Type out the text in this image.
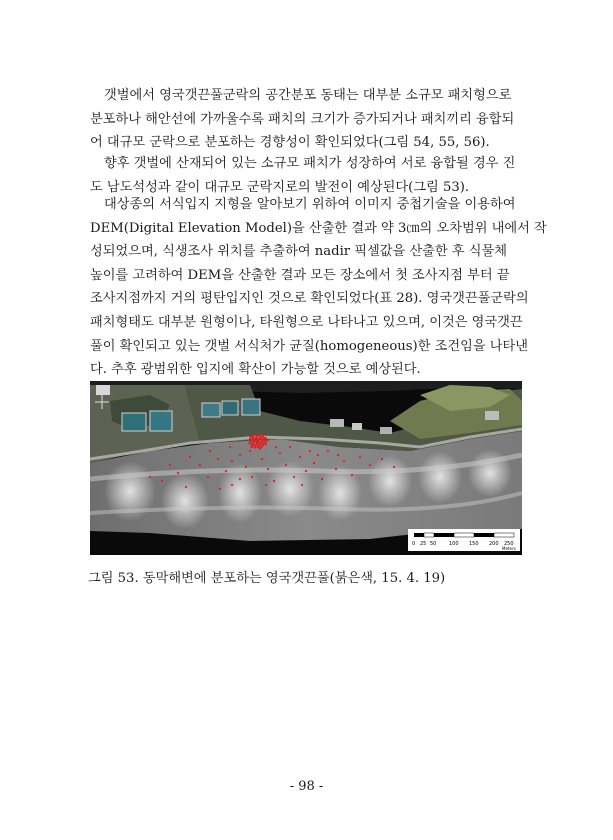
갯벌에서 영국갯끈풀군락의 공간분포 동태는 대부분 소규모 패치형으로
분포하나 해안선에 가까울수록 패치의 크기가 증가되거나 패치끼리 융합되
어 대규모 군락으로 분포하는 경향성이 확인되었다(그림 54, 55, 56).
향후 갯벌에 산재되어 있는 소규모 패치가 성장하여 서로 융합될 경우 진
도 남도석성과 같이 대규모 군락지로의 발전이 예상된다(그림 53).
대상종의 서식입지 지형을 알아보기 위하여 이미지 중첩기술을 이용하여
DEM(Digital Elevation Model)을 산출한 결과 약 3㎝의 오차범위 내에서 작
성되었으며, 식생조사 위치를 추출하여 nadir 픽셀값을 산출한 후 식물체
높이를 고려하여 DEM을 산출한 결과 모든 장소에서 첫 조사지점 부터 끝
조사지점까지 거의 평탄입지인 것으로 확인되었다(표 28). 영국갯끈풀군락의
패치형태도 대부분 원형이나, 타원형으로 나타나고 있으며, 이것은 영국갯끈
풀이 확인되고 있는 갯벌 서식처가 균질(homogeneous)한 조건임을 나타낸
다. 추후 광범위한 입지에 확산이 가능할 것으로 예상된다.
0 25 50	100 150 200 250
Meters
그림 53. 동막해변에 분포하는 영국갯끈풀(붉은색, 15. 4. 19)
- 98 -
